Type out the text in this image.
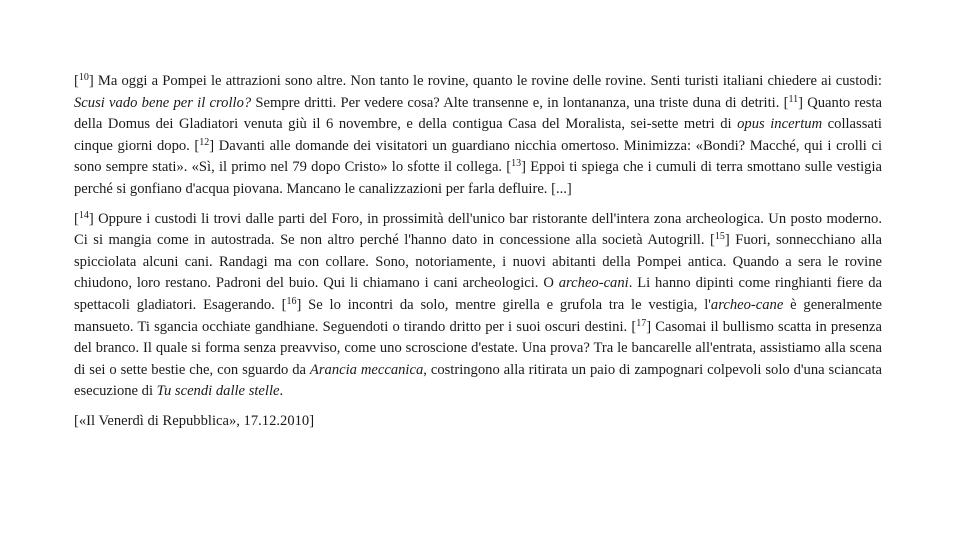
[$^{10}$] Ma oggi a Pompei le attrazioni sono altre. Non tanto le rovine, quanto le rovine delle rovine. Senti turisti italiani chiedere ai custodi: Scusi vado bene per il crollo? Sempre dritti. Per vedere cosa? Alte transenne e, in lontananza, una triste duna di detriti. [$^{11}$] Quanto resta della Domus dei Gladiatori venuta giù il 6 novembre, e della contigua Casa del Moralista, sei-sette metri di opus incertum collassati cinque giorni dopo. [$^{12}$] Davanti alle domande dei visitatori un guardiano nicchia omertoso. Minimizza: «Bondi? Macché, qui i crolli ci sono sempre stati». «Sì, il primo nel 79 dopo Cristo» lo sfotte il collega. [$^{13}$] Eppoi ti spiega che i cumuli di terra smottano sulle vestigia perché si gonfiano d'acqua piovana. Mancano le canalizzazioni per farla defluire. [...]

[$^{14}$] Oppure i custodi li trovi dalle parti del Foro, in prossimità dell'unico bar ristorante dell'intera zona archeologica. Un posto moderno. Ci si mangia come in autostrada. Se non altro perché l'hanno dato in concessione alla società Autogrill. [$^{15}$] Fuori, sonnecchiano alla spicciolata alcuni cani. Randagi ma con collare. Sono, notoriamente, i nuovi abitanti della Pompei antica. Quando a sera le rovine chiudono, loro restano. Padroni del buio. Qui li chiamano i cani archeologici. O archeo-cani. Li hanno dipinti come ringhianti fiere da spettacoli gladiatori. Esagerando. [$^{16}$] Se lo incontri da solo, mentre girella e grufola tra le vestigia, l'archeo-cane è generalmente mansueto. Ti sgancia occhiate gandhiane. Seguendoti o tirando dritto per i suoi oscuri destini. [$^{17}$] Casomai il bullismo scatta in presenza del branco. Il quale si forma senza preavviso, come uno scroscione d'estate. Una prova? Tra le bancarelle all'entrata, assistiamo alla scena di sei o sette bestie che, con sguardo da Arancia meccanica, costringono alla ritirata un paio di zampognari colpevoli solo d'una sciancata esecuzione di Tu scendi dalle stelle.

[«Il Venerdì di Repubblica», 17.12.2010]
